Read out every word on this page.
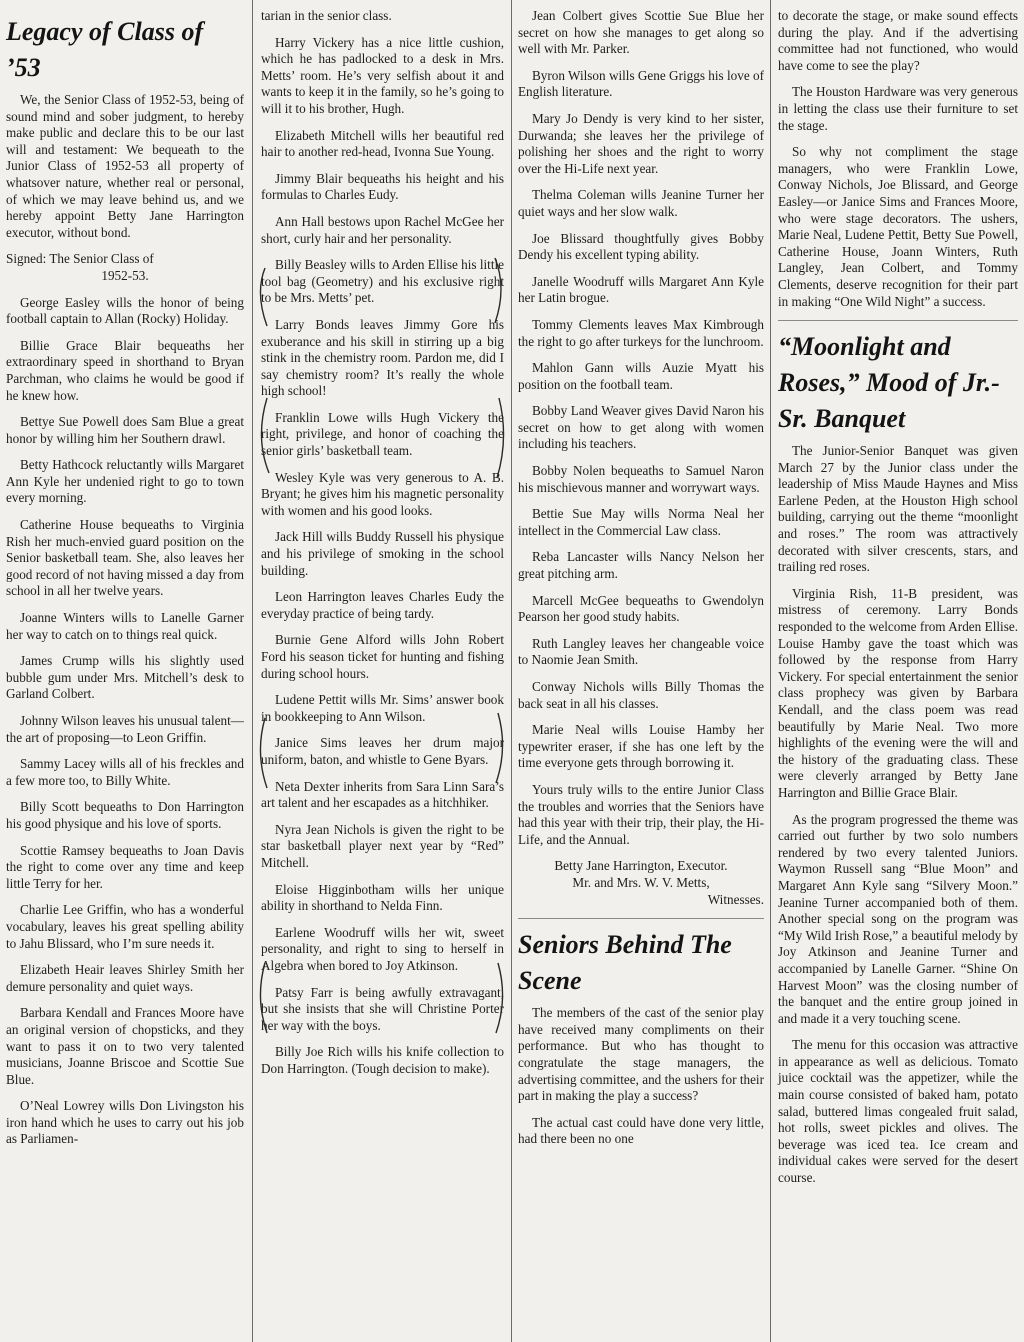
Legacy of Class of ’53

We, the Senior Class of 1952-53, being of sound mind and sober judgment, to hereby make public and declare this to be our last will and testament: We bequeath to the Junior Class of 1952-53 all property of whatsover nature, whether real or personal, of which we may leave behind us, and we hereby appoint Betty Jane Harrington executor, without bond.

Signed: The Senior Class of
1952-53.

George Easley wills the honor of being football captain to Allan (Rocky) Holiday.

Billie Grace Blair bequeaths her extraordinary speed in shorthand to Bryan Parchman, who claims he would be good if he knew how.

Bettye Sue Powell does Sam Blue a great honor by willing him her Southern drawl.

Betty Hathcock reluctantly wills Margaret Ann Kyle her undenied right to go to town every morning.

Catherine House bequeaths to Virginia Rish her much-envied guard position on the Senior basketball team. She, also leaves her good record of not having missed a day from school in all her twelve years.

Joanne Winters wills to Lanelle Garner her way to catch on to things real quick.

James Crump wills his slightly used bubble gum under Mrs. Mitchell’s desk to Garland Colbert.

Johnny Wilson leaves his unusual talent—the art of proposing—to Leon Griffin.

Sammy Lacey wills all of his freckles and a few more too, to Billy White.

Billy Scott bequeaths to Don Harrington his good physique and his love of sports.

Scottie Ramsey bequeaths to Joan Davis the right to come over any time and keep little Terry for her.

Charlie Lee Griffin, who has a wonderful vocabulary, leaves his great spelling ability to Jahu Blissard, who I’m sure needs it.

Elizabeth Heair leaves Shirley Smith her demure personality and quiet ways.

Barbara Kendall and Frances Moore have an original version of chopsticks, and they want to pass it on to two very talented musicians, Joanne Briscoe and Scottie Sue Blue.

O’Neal Lowrey wills Don Livingston his iron hand which he uses to carry out his job as Parliamen-

tarian in the senior class.

Harry Vickery has a nice little cushion, which he has padlocked to a desk in Mrs. Metts’ room. He’s very selfish about it and wants to keep it in the family, so he’s going to will it to his brother, Hugh.

Elizabeth Mitchell wills her beautiful red hair to another red-head, Ivonna Sue Young.

Jimmy Blair bequeaths his height and his formulas to Charles Eudy.

Ann Hall bestows upon Rachel McGee her short, curly hair and her personality.

Billy Beasley wills to Arden Ellise his little tool bag (Geometry) and his exclusive right to be Mrs. Metts’ pet.

Larry Bonds leaves Jimmy Gore his exuberance and his skill in stirring up a big stink in the chemistry room. Pardon me, did I say chemistry room? It’s really the whole high school!

Franklin Lowe wills Hugh Vickery the right, privilege, and honor of coaching the senior girls’ basketball team.

Wesley Kyle was very generous to A. B. Bryant; he gives him his magnetic personality with women and his good looks.

Jack Hill wills Buddy Russell his physique and his privilege of smoking in the school building.

Leon Harrington leaves Charles Eudy the everyday practice of being tardy.

Burnie Gene Alford wills John Robert Ford his season ticket for hunting and fishing during school hours.

Ludene Pettit wills Mr. Sims’ answer book in bookkeeping to Ann Wilson.

Janice Sims leaves her drum major uniform, baton, and whistle to Gene Byars.

Neta Dexter inherits from Sara Linn Sara’s art talent and her escapades as a hitchhiker.

Nyra Jean Nichols is given the right to be star basketball player next year by “Red” Mitchell.

Eloise Higginbotham wills her unique ability in shorthand to Nelda Finn.

Earlene Woodruff wills her wit, sweet personality, and right to sing to herself in Algebra when bored to Joy Atkinson.

Patsy Farr is being awfully extravagant, but she insists that she will Christine Porter her way with the boys.

Billy Joe Rich wills his knife collection to Don Harrington. (Tough decision to make).

Jean Colbert gives Scottie Sue Blue her secret on how she manages to get along so well with Mr. Parker.

Byron Wilson wills Gene Griggs his love of English literature.

Mary Jo Dendy is very kind to her sister, Durwanda; she leaves her the privilege of polishing her shoes and the right to worry over the Hi-Life next year.

Thelma Coleman wills Jeanine Turner her quiet ways and her slow walk.

Joe Blissard thoughtfully gives Bobby Dendy his excellent typing ability.

Janelle Woodruff wills Margaret Ann Kyle her Latin brogue.

Tommy Clements leaves Max Kimbrough the right to go after turkeys for the lunchroom.

Mahlon Gann wills Auzie Myatt his position on the football team.

Bobby Land Weaver gives David Naron his secret on how to get along with women including his teachers.

Bobby Nolen bequeaths to Samuel Naron his mischievous manner and worrywart ways.

Bettie Sue May wills Norma Neal her intellect in the Commercial Law class.

Reba Lancaster wills Nancy Nelson her great pitching arm.

Marcell McGee bequeaths to Gwendolyn Pearson her good study habits.

Ruth Langley leaves her changeable voice to Naomie Jean Smith.

Conway Nichols wills Billy Thomas the back seat in all his classes.

Marie Neal wills Louise Hamby her typewriter eraser, if she has one left by the time everyone gets through borrowing it.

Yours truly wills to the entire Junior Class the troubles and worries that the Seniors have had this year with their trip, their play, the Hi-Life, and the Annual.

Betty Jane Harrington, Executor.
Mr. and Mrs. W. V. Metts,
Witnesses.
Seniors Behind The Scene

The members of the cast of the senior play have received many compliments on their performance. But who has thought to congratulate the stage managers, the advertising committee, and the ushers for their part in making the play a success?

The actual cast could have done very little, had there been no one

to decorate the stage, or make sound effects during the play. And if the advertising committee had not functioned, who would have come to see the play?

The Houston Hardware was very generous in letting the class use their furniture to set the stage.

So why not compliment the stage managers, who were Franklin Lowe, Conway Nichols, Joe Blissard, and George Easley—or Janice Sims and Frances Moore, who were stage decorators. The ushers, Marie Neal, Ludene Pettit, Betty Sue Powell, Catherine House, Joann Winters, Ruth Langley, Jean Colbert, and Tommy Clements, deserve recognition for their part in making “One Wild Night” a success.

“Moonlight and Roses,” Mood of Jr.-Sr. Banquet

The Junior-Senior Banquet was given March 27 by the Junior class under the leadership of Miss Maude Haynes and Miss Earlene Peden, at the Houston High school building, carrying out the theme “moonlight and roses.” The room was attractively decorated with silver crescents, stars, and trailing red roses.

Virginia Rish, 11-B president, was mistress of ceremony. Larry Bonds responded to the welcome from Arden Ellise. Louise Hamby gave the toast which was followed by the response from Harry Vickery. For special entertainment the senior class prophecy was given by Barbara Kendall, and the class poem was read beautifully by Marie Neal. Two more highlights of the evening were the will and the history of the graduating class. These were cleverly arranged by Betty Jane Harrington and Billie Grace Blair.

As the program progressed the theme was carried out further by two solo numbers rendered by two every talented Juniors. Waymon Russell sang “Blue Moon” and Margaret Ann Kyle sang “Silvery Moon.” Jeanine Turner accompanied both of them. Another special song on the program was “My Wild Irish Rose,” a beautiful melody by Joy Atkinson and Jeanine Turner and accompanied by Lanelle Garner. “Shine On Harvest Moon” was the closing number of the banquet and the entire group joined in and made it a very touching scene.

The menu for this occasion was attractive in appearance as well as delicious. Tomato juice cocktail was the appetizer, while the main course consisted of baked ham, potato salad, buttered limas congealed fruit salad, hot rolls, sweet pickles and olives. The beverage was iced tea. Ice cream and individual cakes were served for the desert course.
